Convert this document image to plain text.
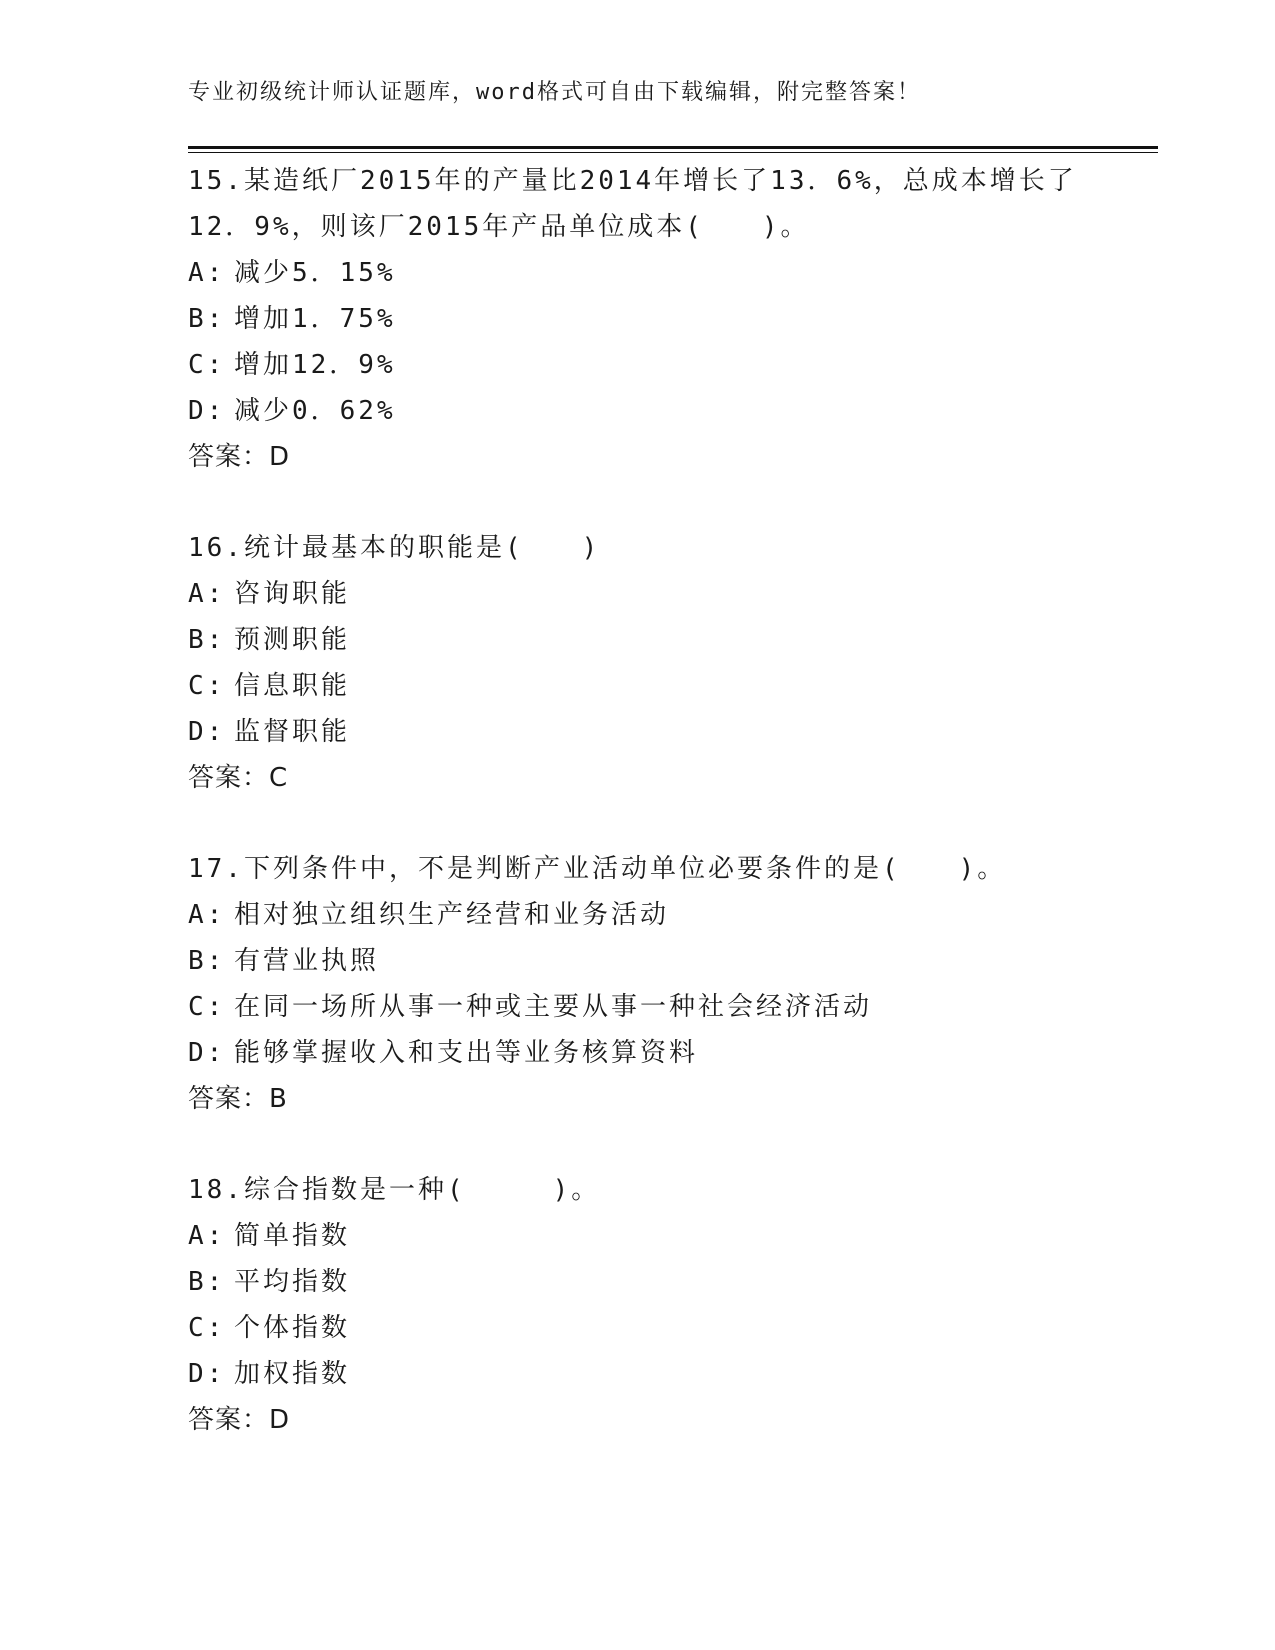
专业初级统计师认证题库，word格式可自由下载编辑，附完整答案！
15.某造纸厂2015年的产量比2014年增长了13．6%，总成本增长了
12．9%，则该厂2015年产品单位成本(　　)。
A: 减少5．15%
B: 增加1．75%
C: 增加12．9%
D: 减少0．62%
答案：D
16.统计最基本的职能是(　　)
A: 咨询职能
B: 预测职能
C: 信息职能
D: 监督职能
答案：C
17.下列条件中，不是判断产业活动单位必要条件的是(　　)。
A: 相对独立组织生产经营和业务活动
B: 有营业执照
C: 在同一场所从事一种或主要从事一种社会经济活动
D: 能够掌握收入和支出等业务核算资料
答案：B
18.综合指数是一种(　　　)。
A: 简单指数
B: 平均指数
C: 个体指数
D: 加权指数
答案：D
